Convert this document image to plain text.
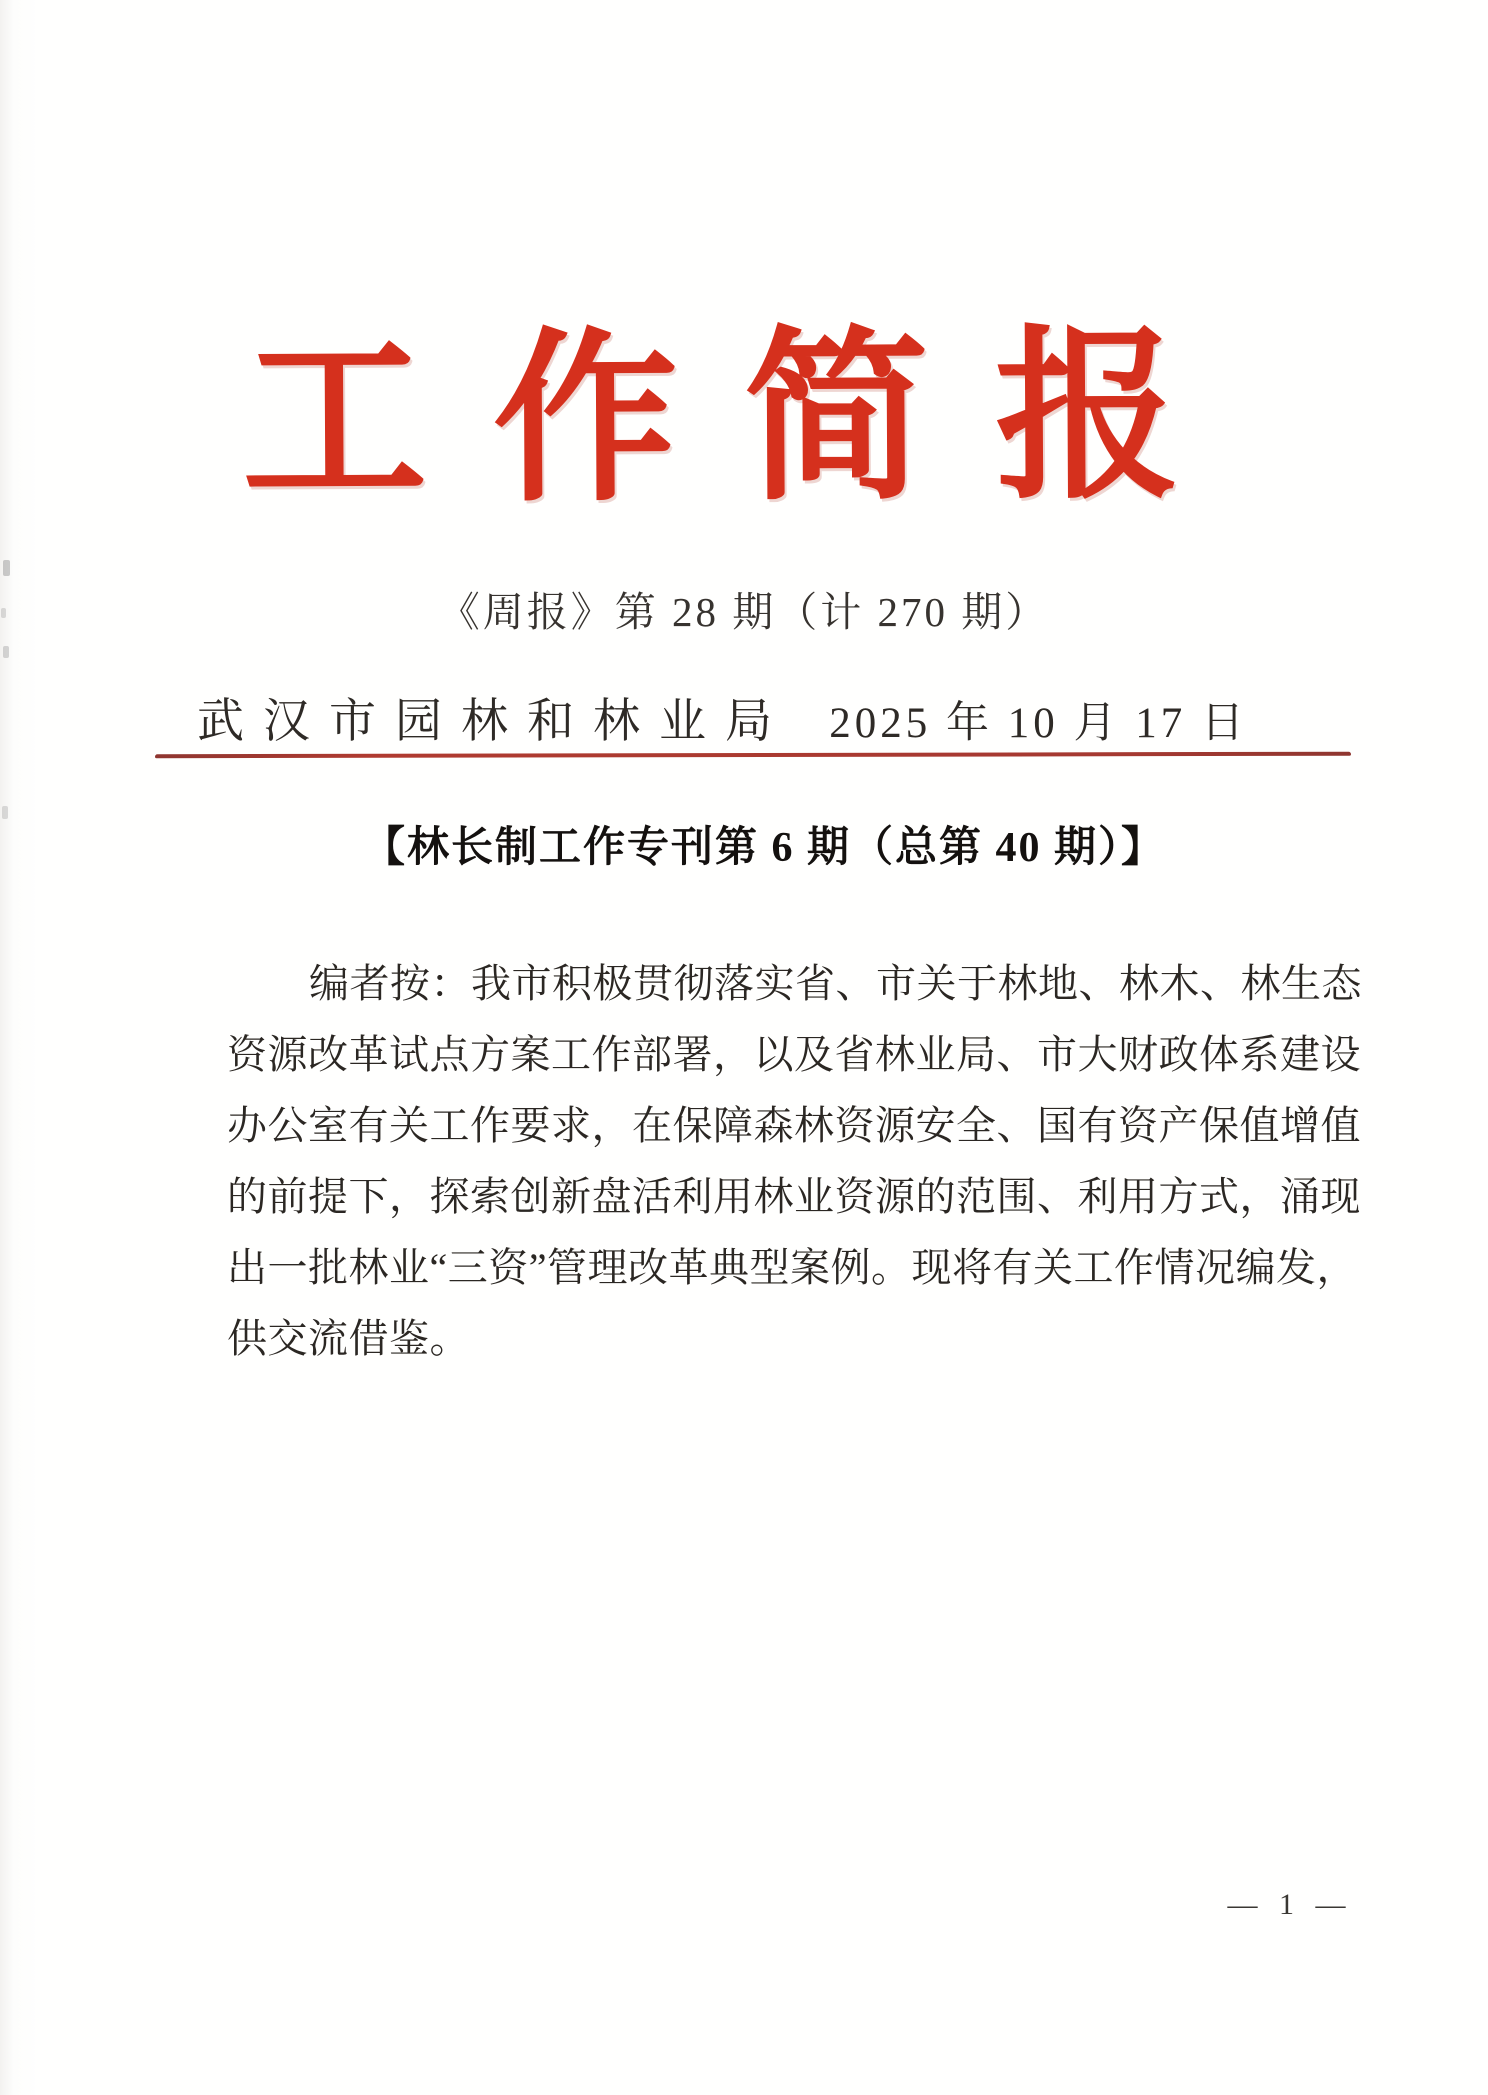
工作简报
《周报》第 28 期（计 270 期）
武汉市园林和林业局 2025 年 10 月 17 日
【林长制工作专刊第 6 期（总第 40 期）】
编者按：我市积极贯彻落实省、市关于林地、林木、林生态
资源改革试点方案工作部署，以及省林业局、市大财政体系建设
办公室有关工作要求，在保障森林资源安全、国有资产保值增值
的前提下，探索创新盘活利用林业资源的范围、利用方式，涌现
出一批林业“三资”管理改革典型案例。现将有关工作情况编发，
供交流借鉴。
— 1 —
